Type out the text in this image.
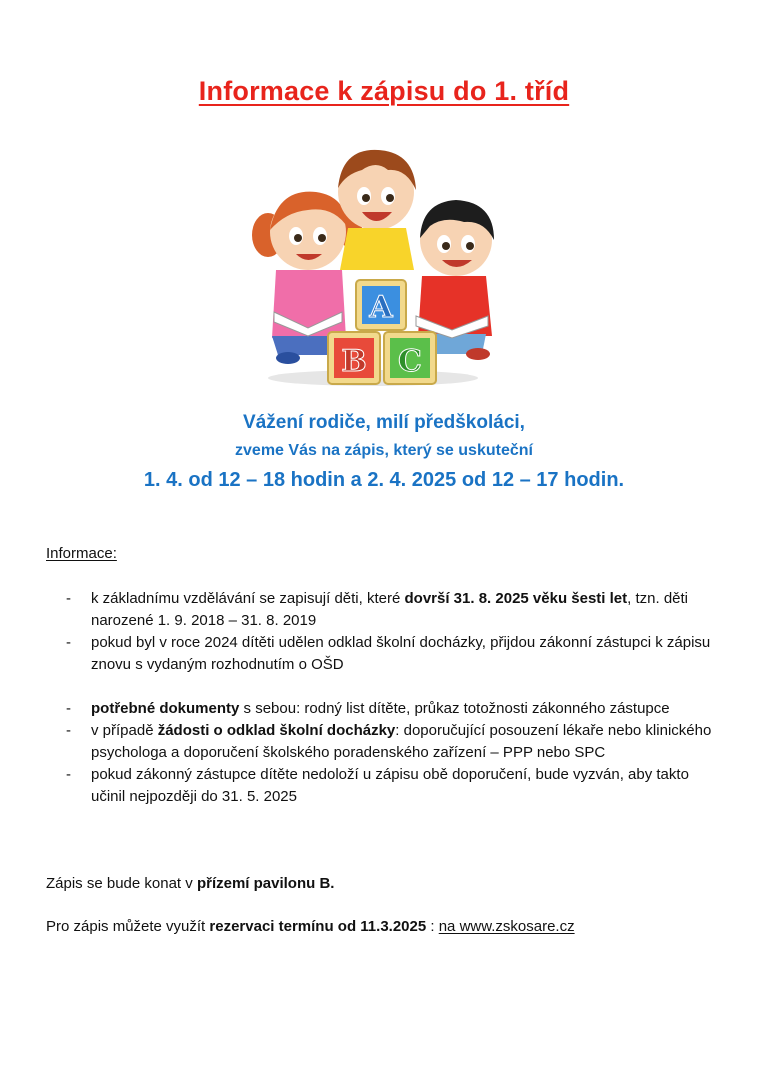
Informace k zápisu do 1. tříd
A
B C
Vážení rodiče, milí předškoláci,
zveme Vás na zápis, který se uskuteční
1. 4. od 12 – 18 hodin a 2. 4. 2025 od 12 – 17 hodin.
Informace:
- k základnímu vzdělávání se zapisují děti, které dovrší 31. 8. 2025 věku šesti let, tzn. děti narozené 1. 9. 2018 – 31. 8. 2019
- pokud byl v roce 2024 dítěti udělen odklad školní docházky, přijdou zákonní zástupci k zápisu znovu s vydaným rozhodnutím o OŠD
- potřebné dokumenty s sebou: rodný list dítěte, průkaz totožnosti zákonného zástupce
- v případě žádosti o odklad školní docházky: doporučující posouzení lékaře nebo klinického psychologa a doporučení školského poradenského zařízení – PPP nebo SPC
- pokud zákonný zástupce dítěte nedoloží u zápisu obě doporučení, bude vyzván, aby takto učinil nejpozději do 31. 5. 2025
Zápis se bude konat v přízemí pavilonu B.
Pro zápis můžete využít rezervaci termínu od 11.3.2025 : na www.zskosare.cz
